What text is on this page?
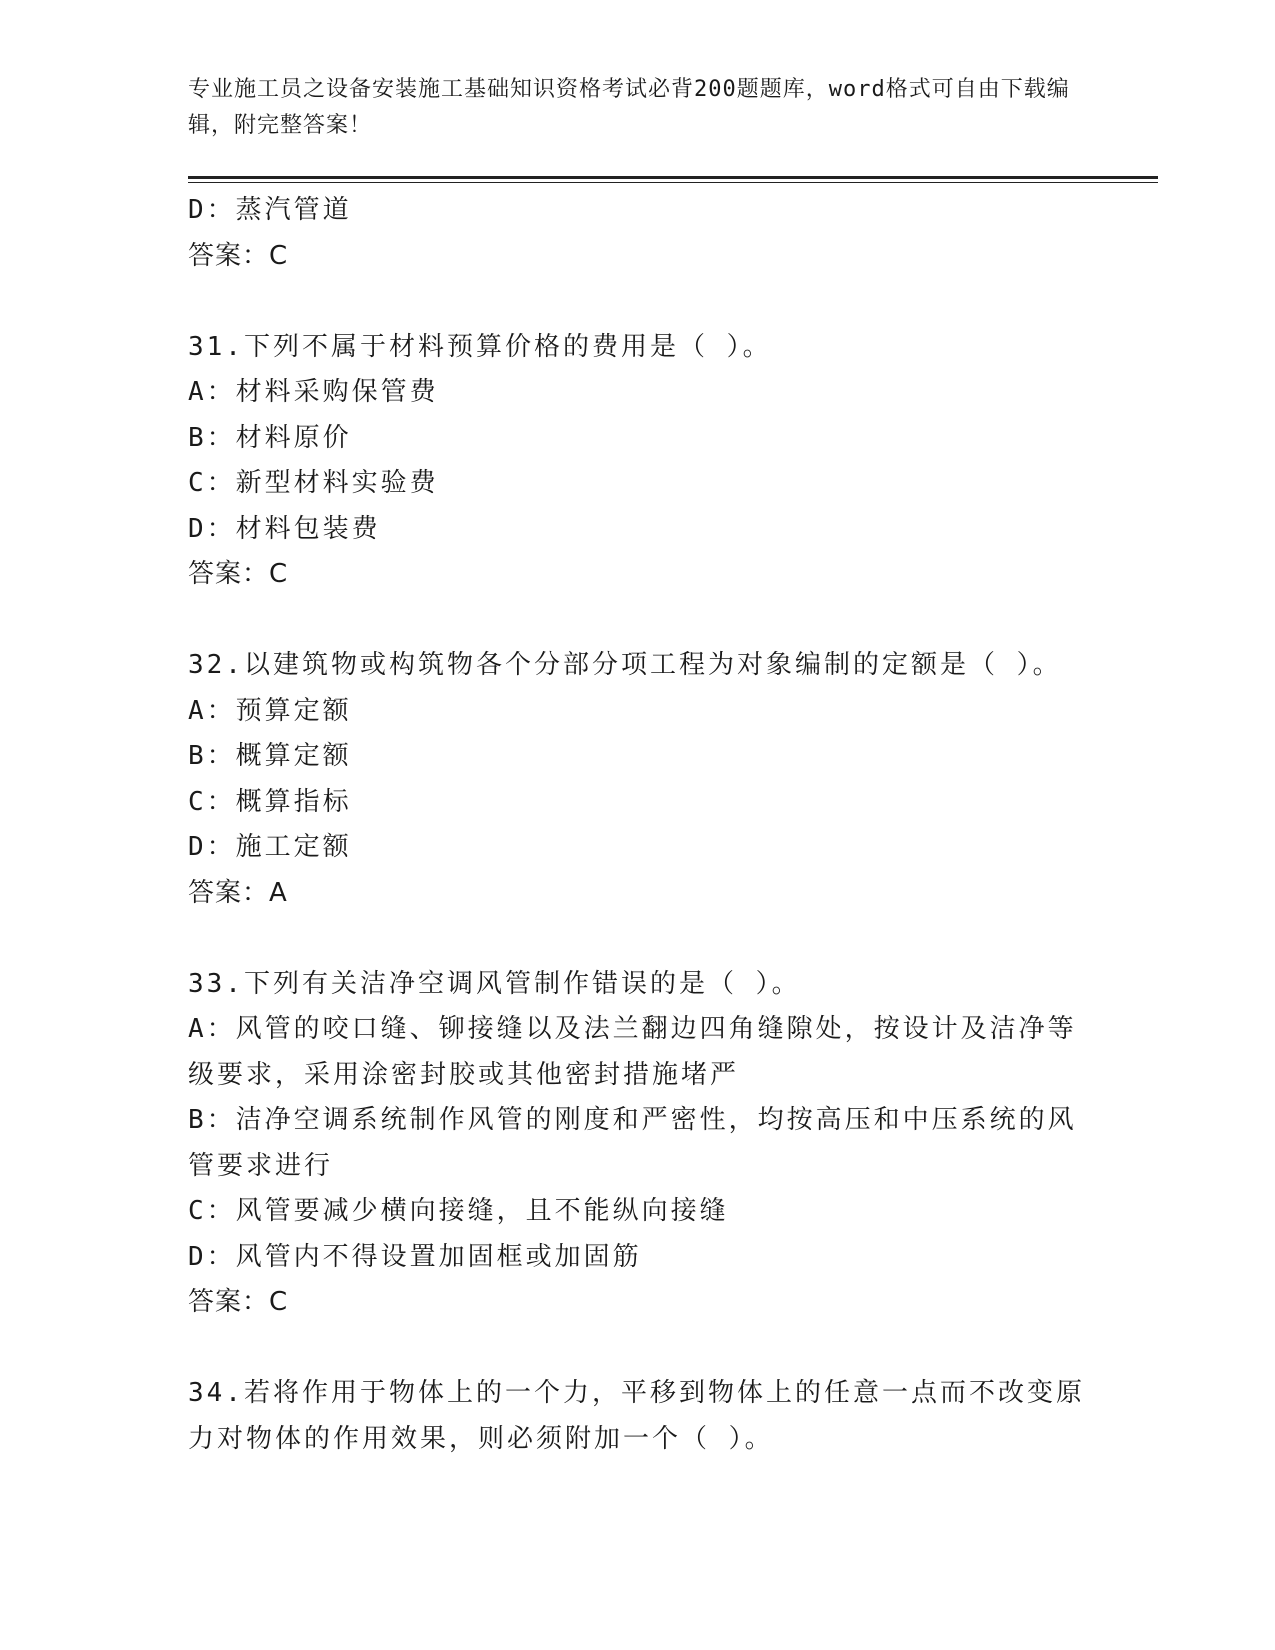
专业施工员之设备安装施工基础知识资格考试必背200题题库，word格式可自由下载编辑，附完整答案！
D：蒸汽管道
答案：C
31.下列不属于材料预算价格的费用是（ ）。
A：材料采购保管费
B：材料原价
C：新型材料实验费
D：材料包装费
答案：C
32.以建筑物或构筑物各个分部分项工程为对象编制的定额是（ ）。
A：预算定额
B：概算定额
C：概算指标
D：施工定额
答案：A
33.下列有关洁净空调风管制作错误的是（ ）。
A：风管的咬口缝、铆接缝以及法兰翻边四角缝隙处，按设计及洁净等级要求，采用涂密封胶或其他密封措施堵严
B：洁净空调系统制作风管的刚度和严密性，均按高压和中压系统的风管要求进行
C：风管要减少横向接缝，且不能纵向接缝
D：风管内不得设置加固框或加固筋
答案：C
34.若将作用于物体上的一个力，平移到物体上的任意一点而不改变原力对物体的作用效果，则必须附加一个（ ）。
